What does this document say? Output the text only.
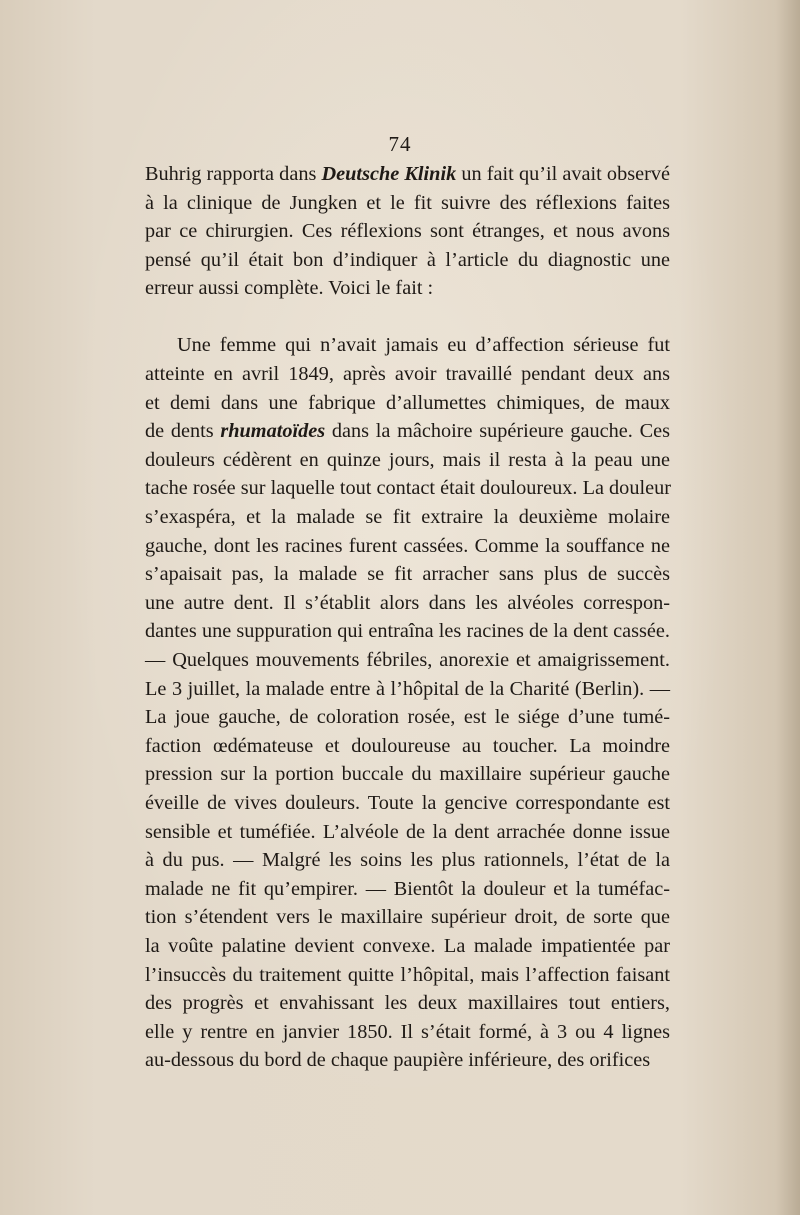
74
Buhrig rapporta dans Deutsche Klinik un fait qu’il avait observé
à la clinique de Jungken et le fit suivre des réflexions faites
par ce chirurgien. Ces réflexions sont étranges, et nous avons
pensé qu’il était bon d’indiquer à l’article du diagnostic une
erreur aussi complète. Voici le fait :
Une femme qui n’avait jamais eu d’affection sérieuse fut
atteinte en avril 1849, après avoir travaillé pendant deux ans
et demi dans une fabrique d’allumettes chimiques, de maux
de dents rhumatoïdes dans la mâchoire supérieure gauche. Ces
douleurs cédèrent en quinze jours, mais il resta à la peau une
tache rosée sur laquelle tout contact était douloureux. La douleur
s’exaspéra, et la malade se fit extraire la deuxième molaire
gauche, dont les racines furent cassées. Comme la souffance ne
s’apaisait pas, la malade se fit arracher sans plus de succès
une autre dent. Il s’établit alors dans les alvéoles correspon-
dantes une suppuration qui entraîna les racines de la dent cassée.
— Quelques mouvements fébriles, anorexie et amaigrissement.
Le 3 juillet, la malade entre à l’hôpital de la Charité (Berlin). —
La joue gauche, de coloration rosée, est le siége d’une tumé-
faction œdémateuse et douloureuse au toucher. La moindre
pression sur la portion buccale du maxillaire supérieur gauche
éveille de vives douleurs. Toute la gencive correspondante est
sensible et tuméfiée. L’alvéole de la dent arrachée donne issue
à du pus. — Malgré les soins les plus rationnels, l’état de la
malade ne fit qu’empirer. — Bientôt la douleur et la tuméfac-
tion s’étendent vers le maxillaire supérieur droit, de sorte que
la voûte palatine devient convexe. La malade impatientée par
l’insuccès du traitement quitte l’hôpital, mais l’affection faisant
des progrès et envahissant les deux maxillaires tout entiers,
elle y rentre en janvier 1850. Il s’était formé, à 3 ou 4 lignes
au-dessous du bord de chaque paupière inférieure, des orifices
